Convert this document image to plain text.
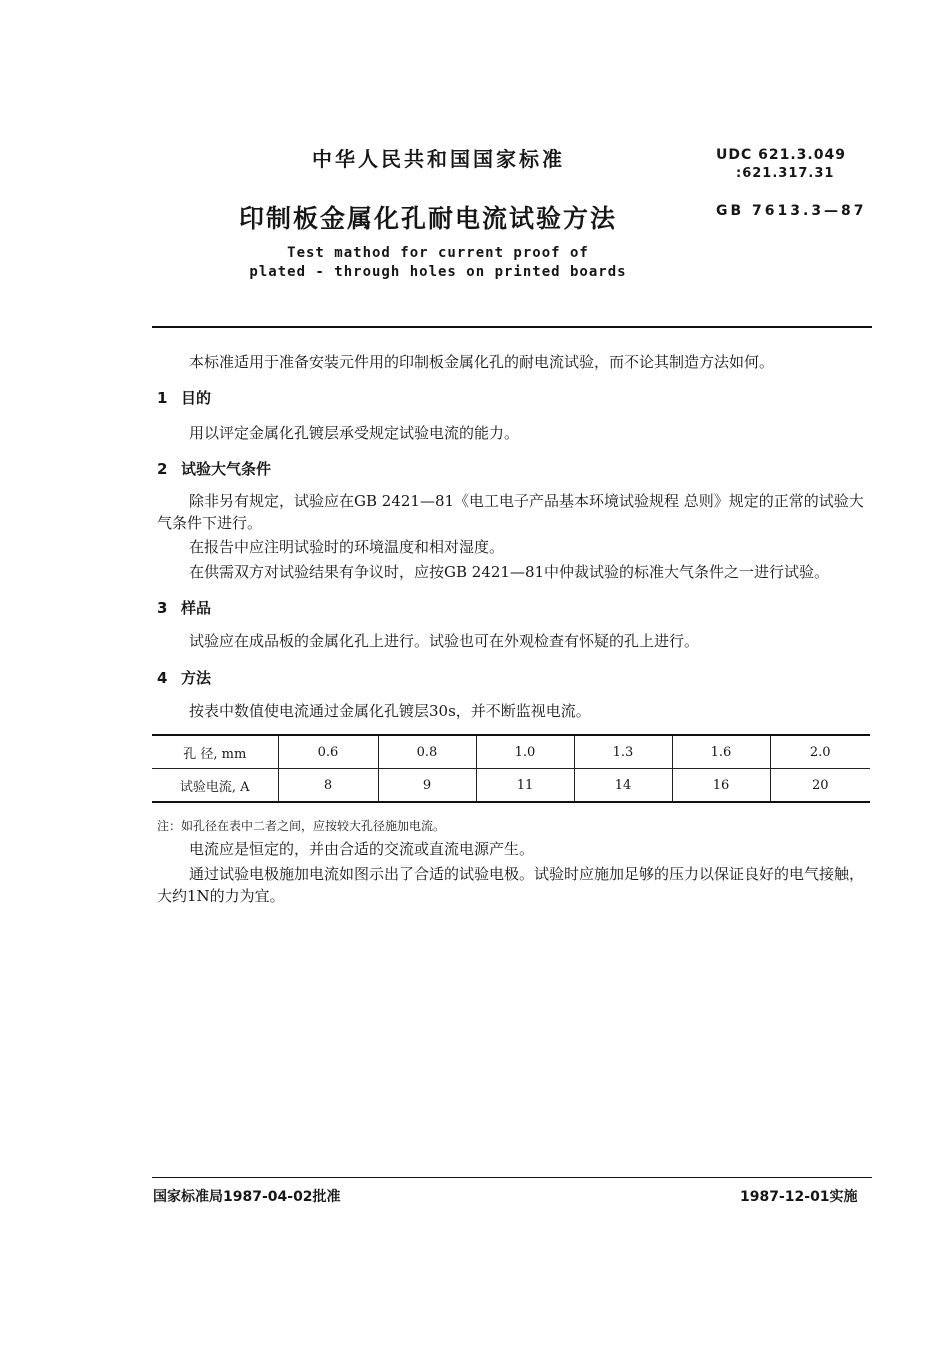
中华人民共和国国家标准	UDC 621.3.049
:621.317.31
印制板金属化孔耐电流试验方法	GB 7613.3—87
Test mathod for current proof of
plated - through holes on printed boards
本标准适用于准备安装元件用的印制板金属化孔的耐电流试验，而不论其制造方法如何。
1 目的
用以评定金属化孔镀层承受规定试验电流的能力。
2 试验大气条件
除非另有规定，试验应在GB 2421—81《电工电子产品基本环境试验规程 总则》规定的正常的试验大气条件下进行。
在报告中应注明试验时的环境温度和相对湿度。
在供需双方对试验结果有争议时，应按GB 2421—81中仲裁试验的标准大气条件之一进行试验。
3 样品
试验应在成品板的金属化孔上进行。试验也可在外观检查有怀疑的孔上进行。
4 方法
按表中数值使电流通过金属化孔镀层30s，并不断监视电流。
孔 径, mm	0.6	0.8	1.0	1.3	1.6	2.0
试验电流, A	8	9	11	14	16	20
注：如孔径在表中二者之间，应按较大孔径施加电流。
电流应是恒定的，并由合适的交流或直流电源产生。
通过试验电极施加电流如图示出了合适的试验电极。试验时应施加足够的压力以保证良好的电气接触，大约1N的力为宜。
国家标准局1987-04-02批准	1987-12-01实施
